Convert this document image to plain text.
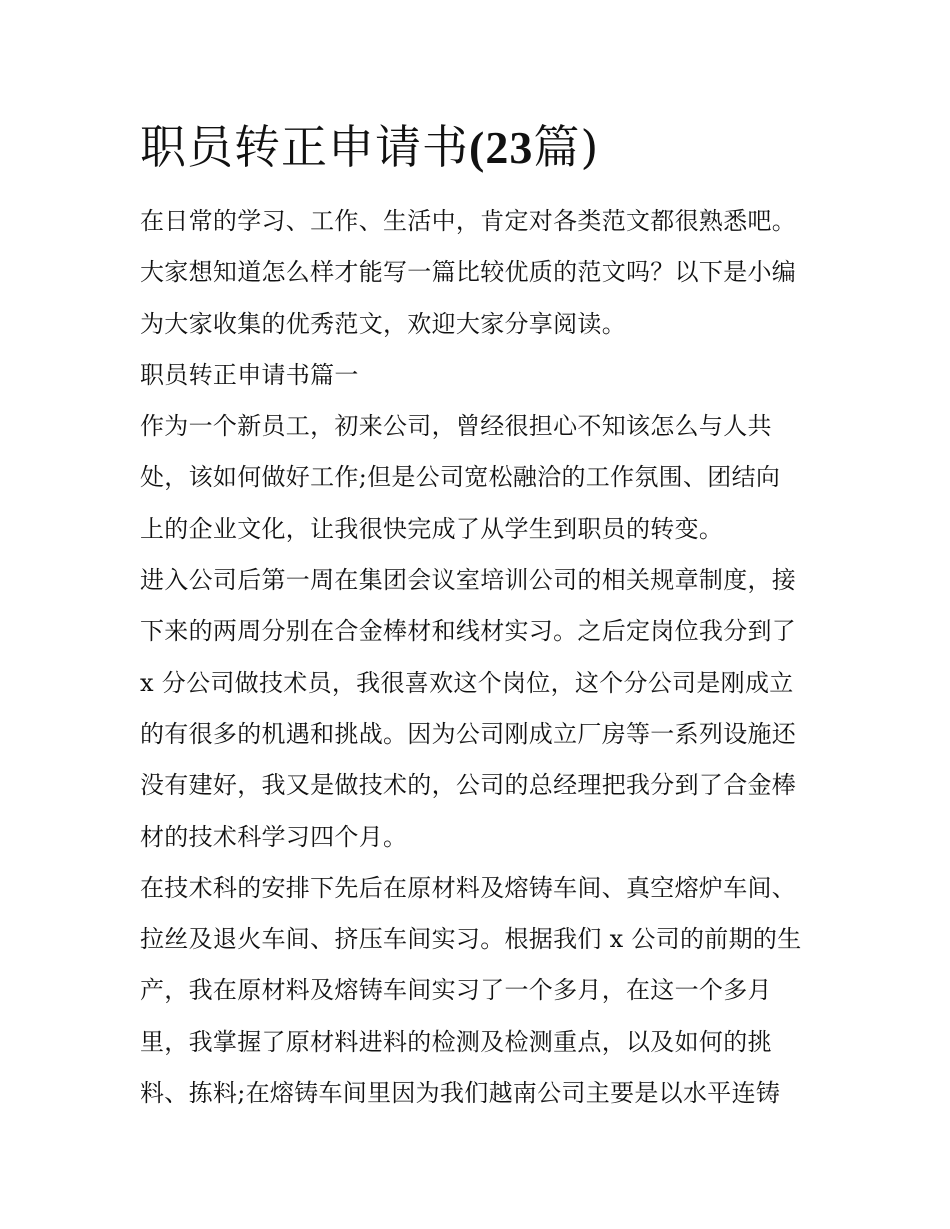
职员转正申请书(23篇)
在日常的学习、工作、生活中，肯定对各类范文都很熟悉吧。
大家想知道怎么样才能写一篇比较优质的范文吗？以下是小编
为大家收集的优秀范文，欢迎大家分享阅读。
职员转正申请书篇一
作为一个新员工，初来公司，曾经很担心不知该怎么与人共
处，该如何做好工作;但是公司宽松融洽的工作氛围、团结向
上的企业文化，让我很快完成了从学生到职员的转变。
进入公司后第一周在集团会议室培训公司的相关规章制度，接
下来的两周分别在合金棒材和线材实习。之后定岗位我分到了
x 分公司做技术员，我很喜欢这个岗位，这个分公司是刚成立
的有很多的机遇和挑战。因为公司刚成立厂房等一系列设施还
没有建好，我又是做技术的，公司的总经理把我分到了合金棒
材的技术科学习四个月。
在技术科的安排下先后在原材料及熔铸车间、真空熔炉车间、
拉丝及退火车间、挤压车间实习。根据我们 x 公司的前期的生
产，我在原材料及熔铸车间实习了一个多月，在这一个多月
里，我掌握了原材料进料的检测及检测重点，以及如何的挑
料、拣料;在熔铸车间里因为我们越南公司主要是以水平连铸
